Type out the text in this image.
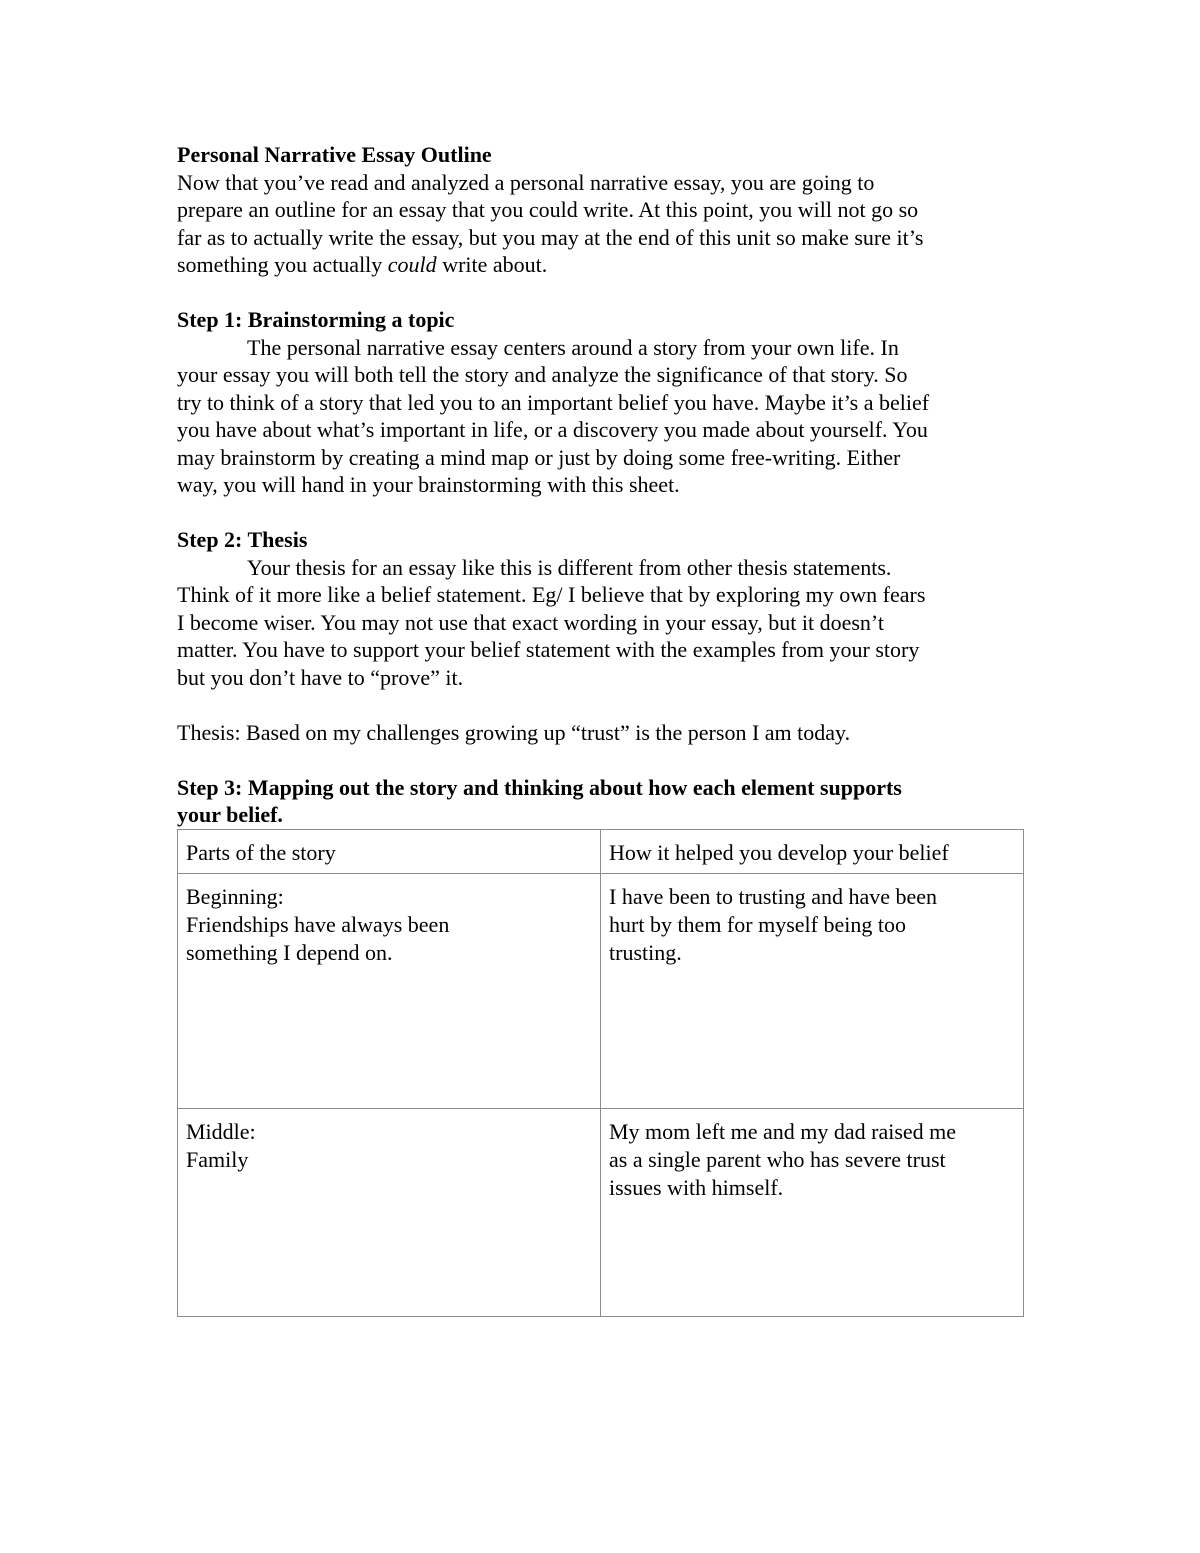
Personal Narrative Essay Outline

Now that you’ve read and analyzed a personal narrative essay, you are going to

prepare an outline for an essay that you could write. At this point, you will not go so

far as to actually write the essay, but you may at the end of this unit so make sure it’s

something you actually could write about.

Step 1: Brainstorming a topic

The personal narrative essay centers around a story from your own life. In

your essay you will both tell the story and analyze the significance of that story. So

try to think of a story that led you to an important belief you have. Maybe it’s a belief

you have about what’s important in life, or a discovery you made about yourself. You

may brainstorm by creating a mind map or just by doing some free-writing. Either

way, you will hand in your brainstorming with this sheet.

Step 2: Thesis

Your thesis for an essay like this is different from other thesis statements.

Think of it more like a belief statement. Eg/ I believe that by exploring my own fears

I become wiser. You may not use that exact wording in your essay, but it doesn’t

matter. You have to support your belief statement with the examples from your story

but you don’t have to “prove” it.

Thesis: Based on my challenges growing up “trust” is the person I am today.

Step 3: Mapping out the story and thinking about how each element supports

your belief.

Parts of the story	How it helped you develop your belief

Beginning:
Friendships have always been
something I depend on.	I have been to trusting and have been
hurt by them for myself being too
trusting.

Middle:
Family	My mom left me and my dad raised me
as a single parent who has severe trust
issues with himself.
